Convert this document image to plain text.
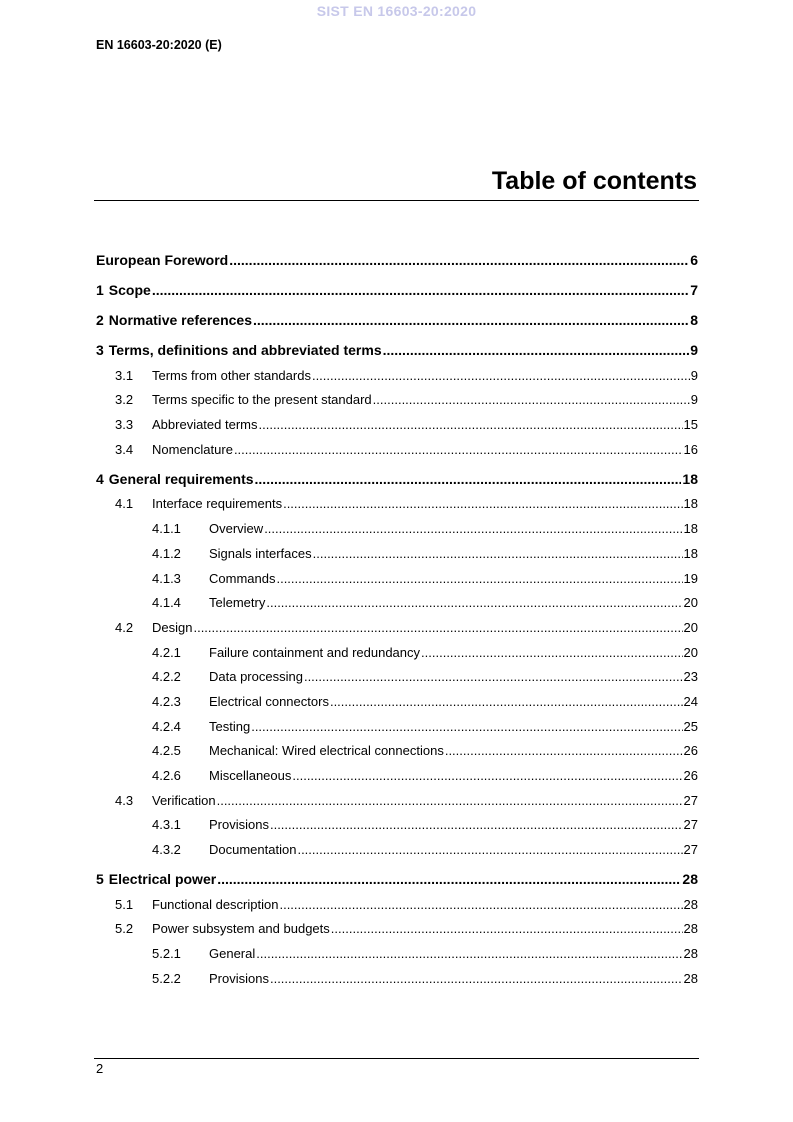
SIST EN 16603-20:2020
EN 16603-20:2020 (E)
Table of contents
European Foreword .....	6
1 Scope .....	7
2 Normative references .....	8
3 Terms, definitions and abbreviated terms .....	9
3.1	Terms from other standards .....	9
3.2	Terms specific to the present standard .....	9
3.3	Abbreviated terms .....	15
3.4	Nomenclature .....	16
4 General requirements .....	18
4.1	Interface requirements .....	18
4.1.1	Overview .....	18
4.1.2	Signals interfaces .....	18
4.1.3	Commands .....	19
4.1.4	Telemetry .....	20
4.2	Design .....	20
4.2.1	Failure containment and redundancy .....	20
4.2.2	Data processing .....	23
4.2.3	Electrical connectors .....	24
4.2.4	Testing .....	25
4.2.5	Mechanical: Wired electrical connections .....	26
4.2.6	Miscellaneous .....	26
4.3	Verification .....	27
4.3.1	Provisions .....	27
4.3.2	Documentation .....	27
5 Electrical power .....	28
5.1	Functional description .....	28
5.2	Power subsystem and budgets .....	28
5.2.1	General .....	28
5.2.2	Provisions .....	28
2
